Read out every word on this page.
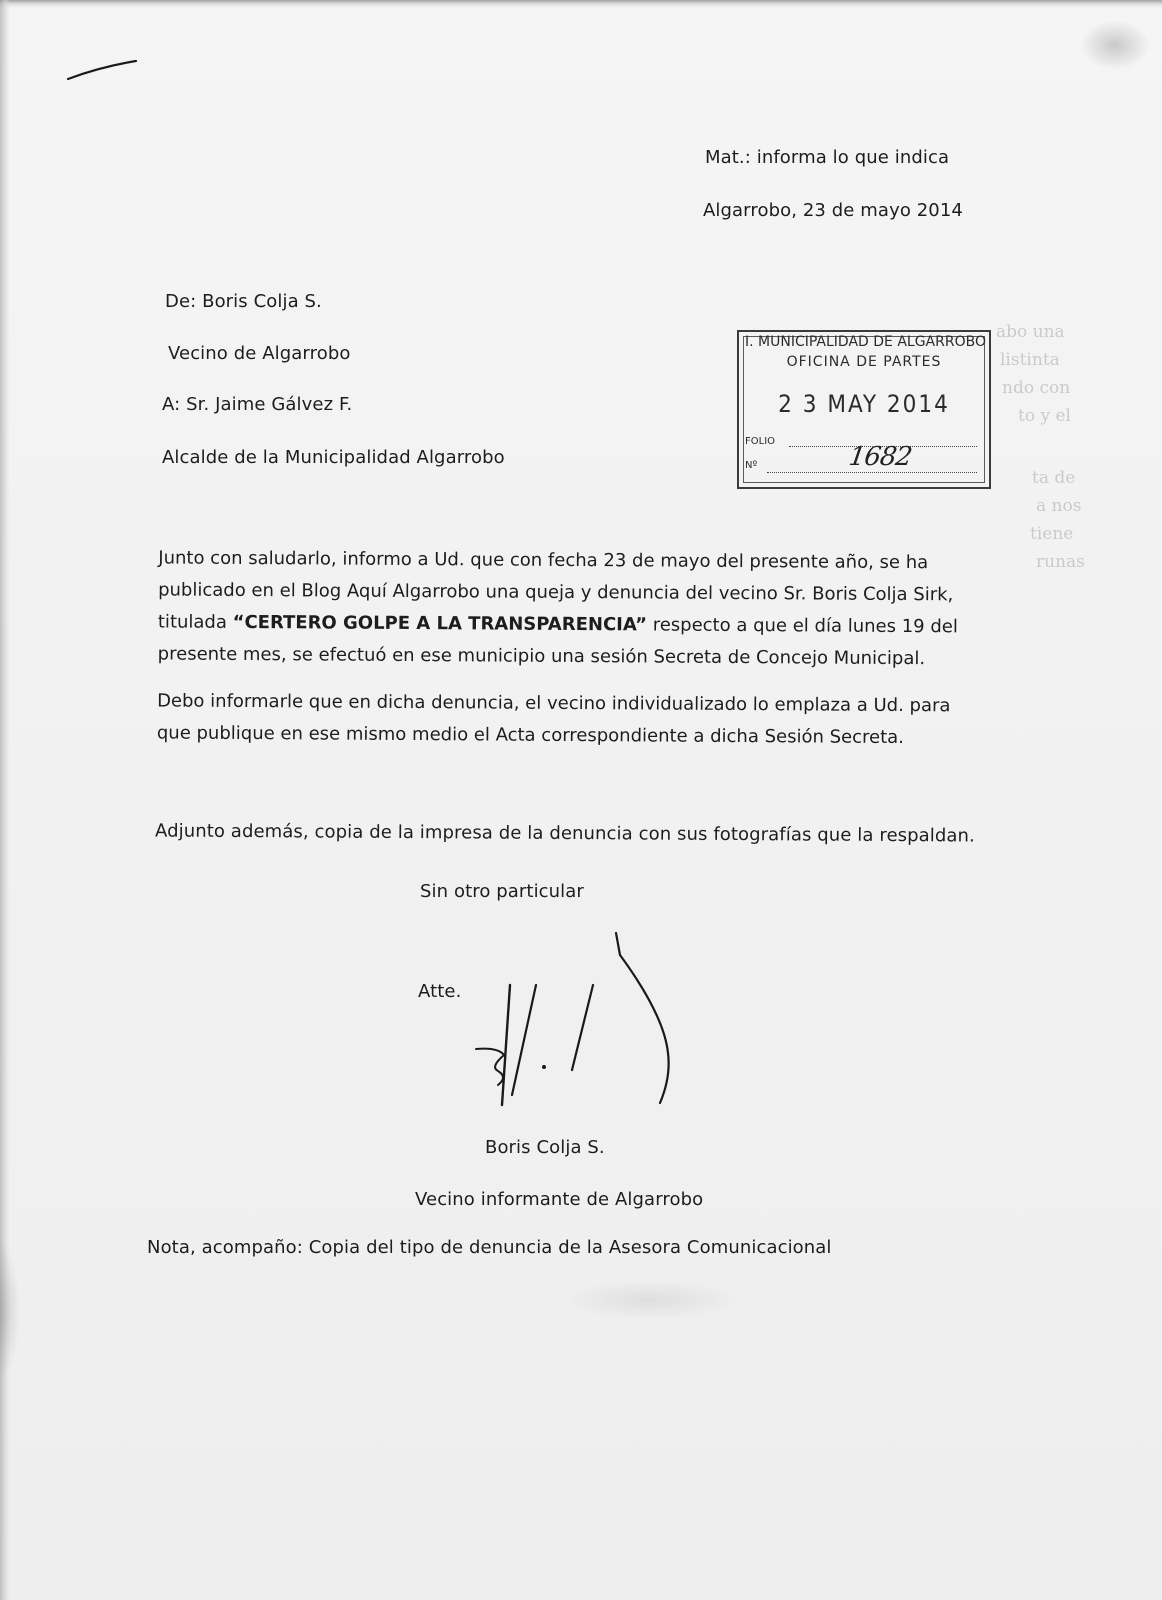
abo una
listinta
ndo con
to y el
ta de
a nos
tiene
runas
Mat.: informa lo que indica
Algarrobo, 23 de mayo 2014
De: Boris Colja S.
Vecino de Algarrobo
A: Sr. Jaime Gálvez F.
Alcalde de la Municipalidad Algarrobo
I. MUNICIPALIDAD DE ALGARROBO
OFICINA DE PARTES
2 3 MAY 2014
FOLIO
Nº	1682
Junto con saludarlo, informo a Ud. que con fecha 23 de mayo del presente año, se ha
publicado en el Blog Aquí Algarrobo una queja y denuncia del vecino Sr. Boris Colja Sirk,
titulada “CERTERO GOLPE A LA TRANSPARENCIA” respecto a que el día lunes 19 del
presente mes, se efectuó en ese municipio una sesión Secreta de Concejo Municipal.
Debo informarle que en dicha denuncia, el vecino individualizado lo emplaza a Ud. para
que publique en ese mismo medio el Acta correspondiente a dicha Sesión Secreta.
Adjunto además, copia de la impresa de la denuncia con sus fotografías que la respaldan.
Sin otro particular
Atte.
Boris Colja S.
Vecino informante de Algarrobo
Nota, acompaño: Copia del tipo de denuncia de la Asesora Comunicacional
